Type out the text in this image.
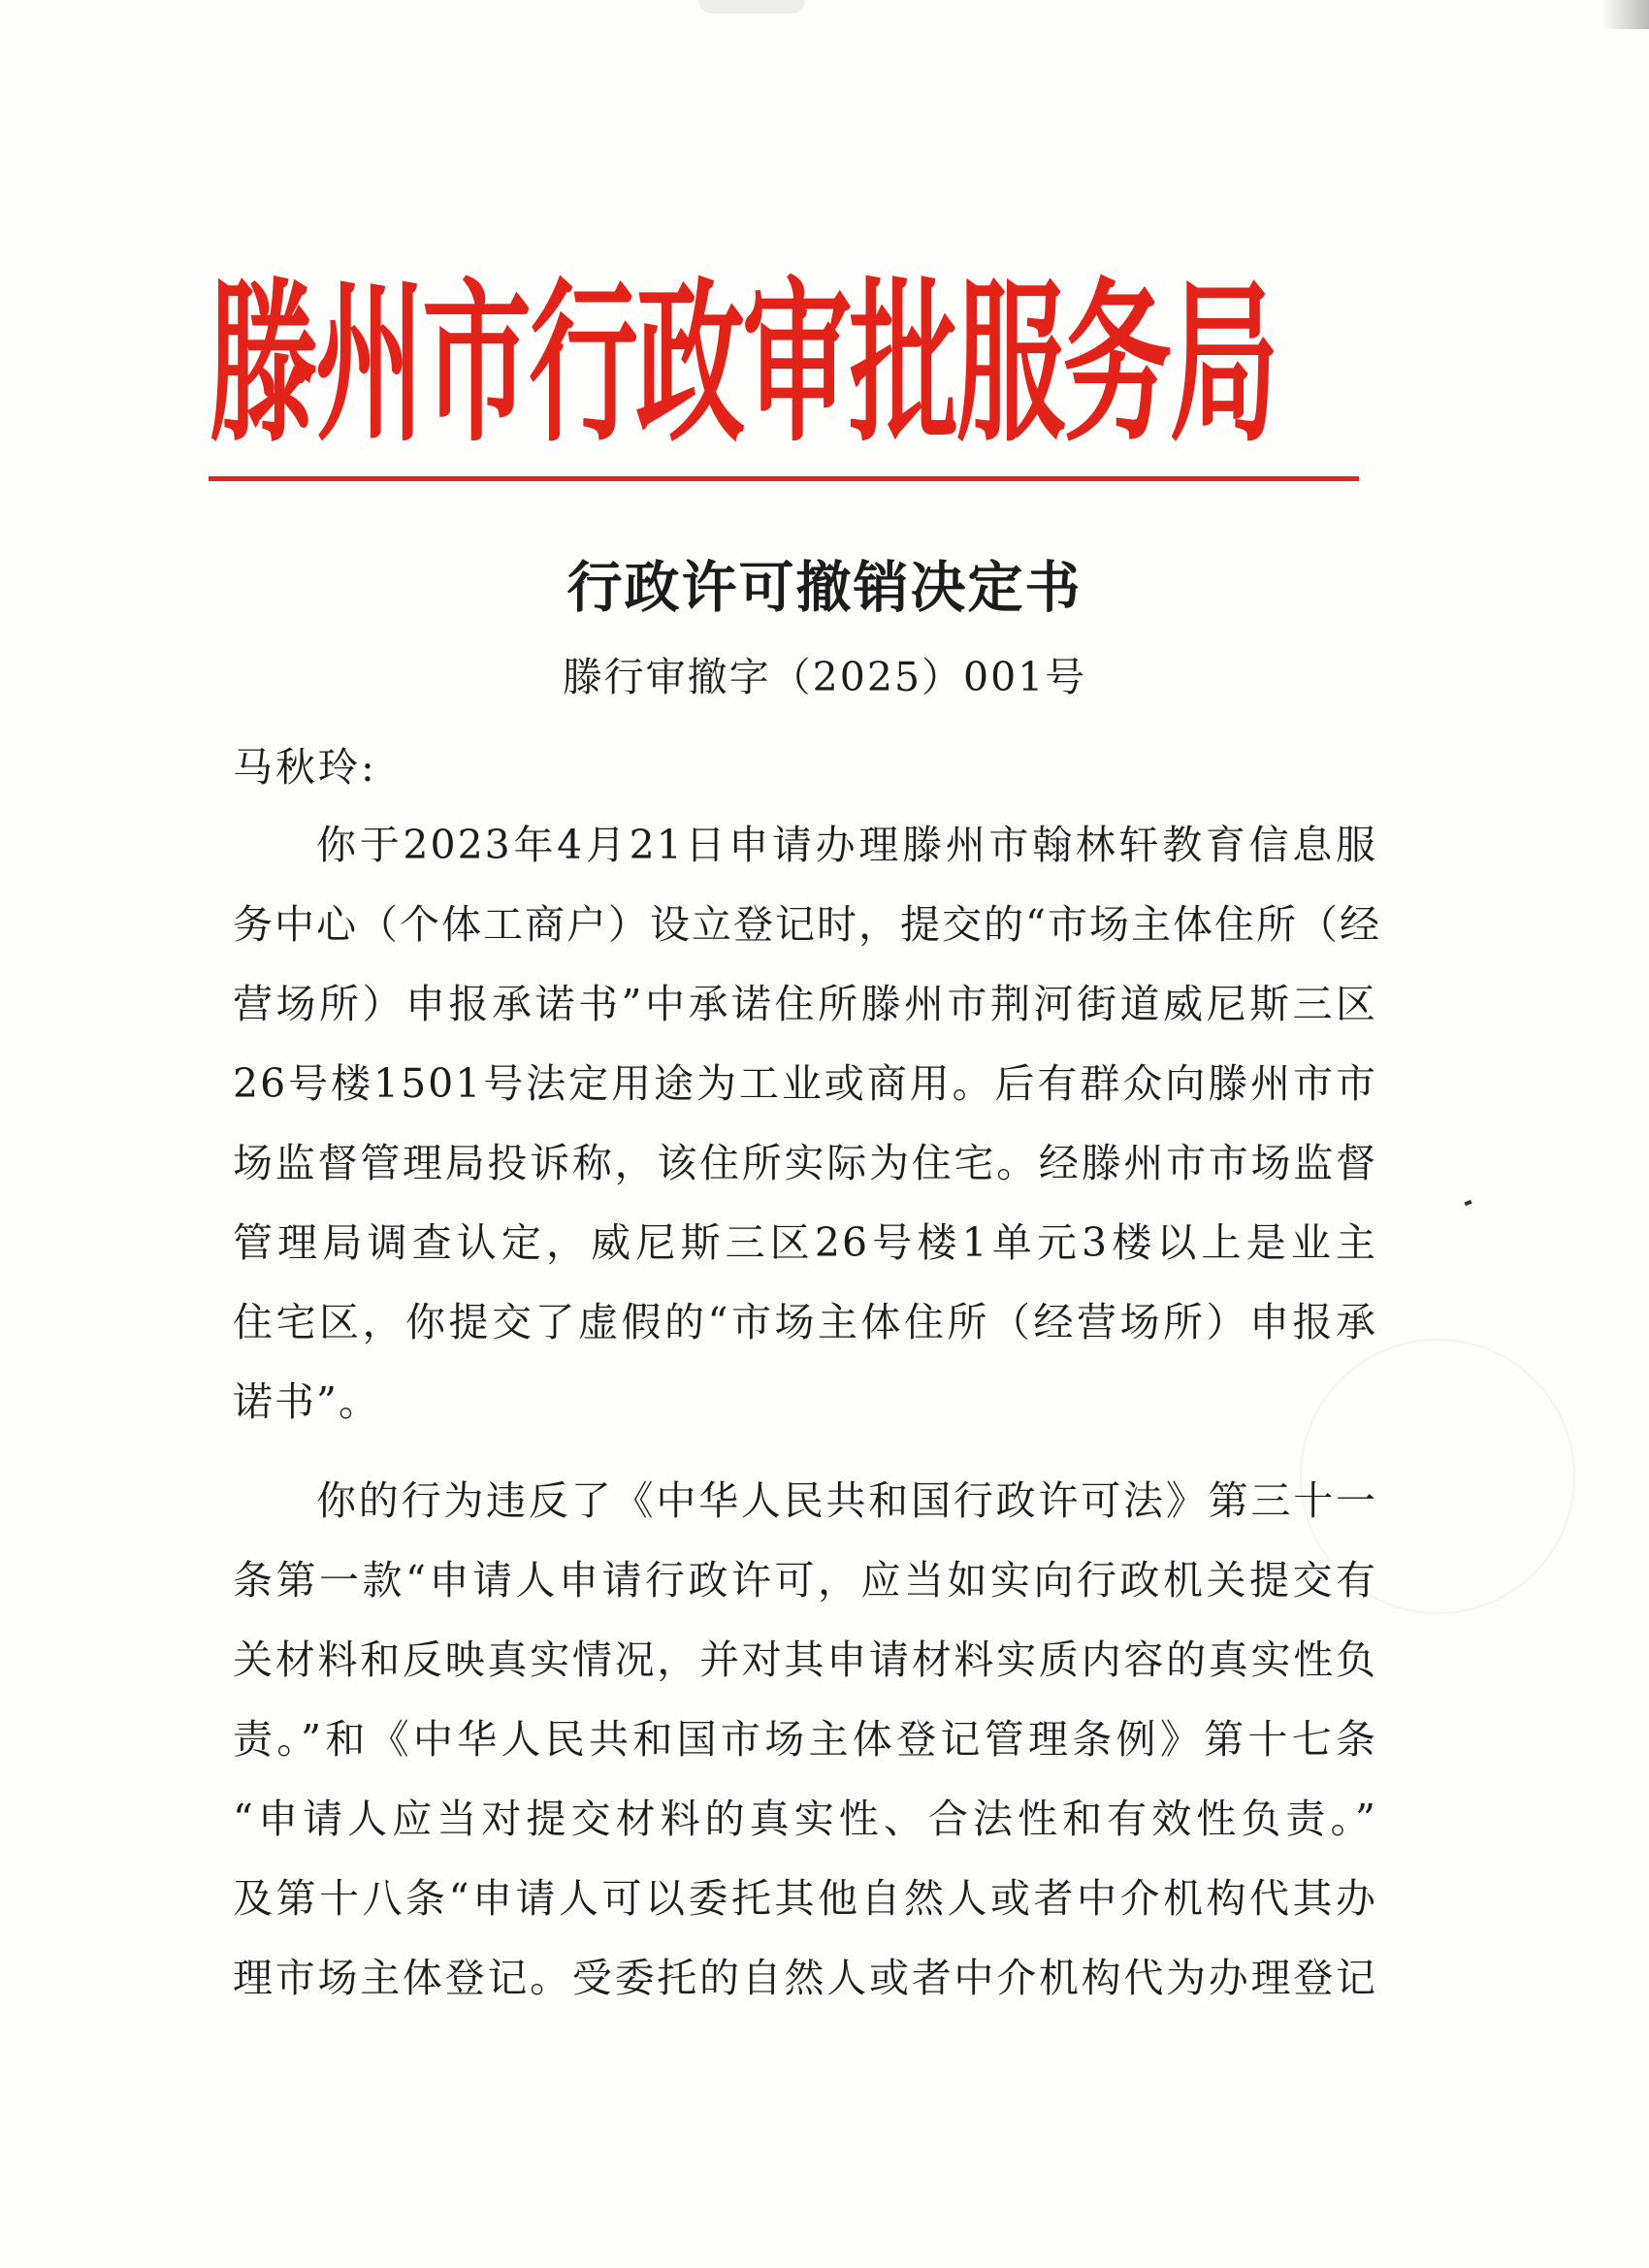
滕州市行政审批服务局
行政许可撤销决定书
滕行审撤字（2025）001号
马秋玲:
你于2023年4月21日申请办理滕州市翰林轩教育信息服
务中心（个体工商户）设立登记时，提交的“市场主体住所（经
营场所）申报承诺书”中承诺住所滕州市荆河街道威尼斯三区
26号楼1501号法定用途为工业或商用。后有群众向滕州市市
场监督管理局投诉称，该住所实际为住宅。经滕州市市场监督
管理局调查认定，威尼斯三区26号楼1单元3楼以上是业主
住宅区，你提交了虚假的“市场主体住所（经营场所）申报承
诺书”。
你的行为违反了《中华人民共和国行政许可法》第三十一
条第一款“申请人申请行政许可，应当如实向行政机关提交有
关材料和反映真实情况，并对其申请材料实质内容的真实性负
责。”和《中华人民共和国市场主体登记管理条例》第十七条
“申请人应当对提交材料的真实性、合法性和有效性负责。”
及第十八条“申请人可以委托其他自然人或者中介机构代其办
理市场主体登记。受委托的自然人或者中介机构代为办理登记
